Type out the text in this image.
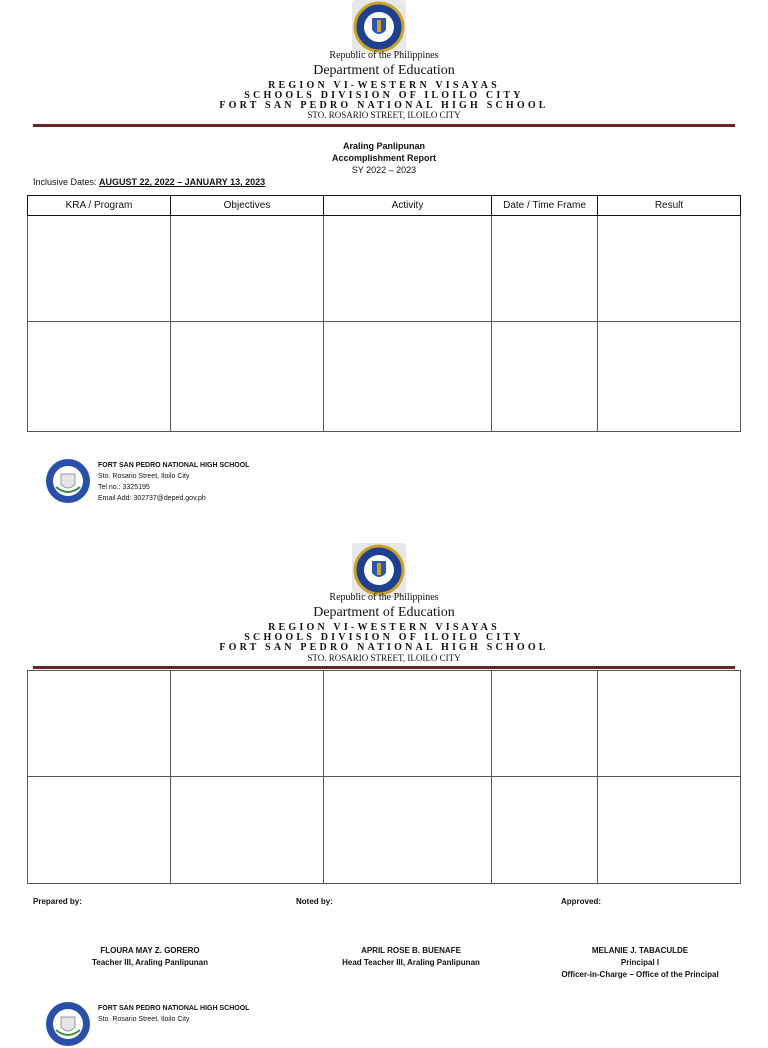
Republic of the Philippines
Department of Education
REGION VI-WESTERN VISAYAS
SCHOOLS DIVISION OF ILOILO CITY
FORT SAN PEDRO NATIONAL HIGH SCHOOL
STO. ROSARIO STREET, ILOILO CITY
Araling Panlipunan
Accomplishment Report
SY 2022 – 2023
Inclusive Dates: AUGUST 22, 2022 – JANUARY 13, 2023
KRA / Program	Objectives	Activity	Date / Time Frame	Result

FORT SAN PEDRO NATIONAL HIGH SCHOOL
Sto. Rosario Street, Iloilo City
Tel no.: 3325195
Email Add: 302737@deped.gov.ph
Republic of the Philippines
Department of Education
REGION VI-WESTERN VISAYAS
SCHOOLS DIVISION OF ILOILO CITY
FORT SAN PEDRO NATIONAL HIGH SCHOOL
STO. ROSARIO STREET, ILOILO CITY

Prepared by:	Noted by:	Approved:
FLOURA MAY Z. GORERO
Teacher III, Araling Panlipunan
APRIL ROSE B. BUENAFE
Head Teacher III, Araling Panlipunan
MELANIE J. TABACULDE
Principal I
Officer-in-Charge – Office of the Principal
FORT SAN PEDRO NATIONAL HIGH SCHOOL
Sto. Rosario Street, Iloilo City
